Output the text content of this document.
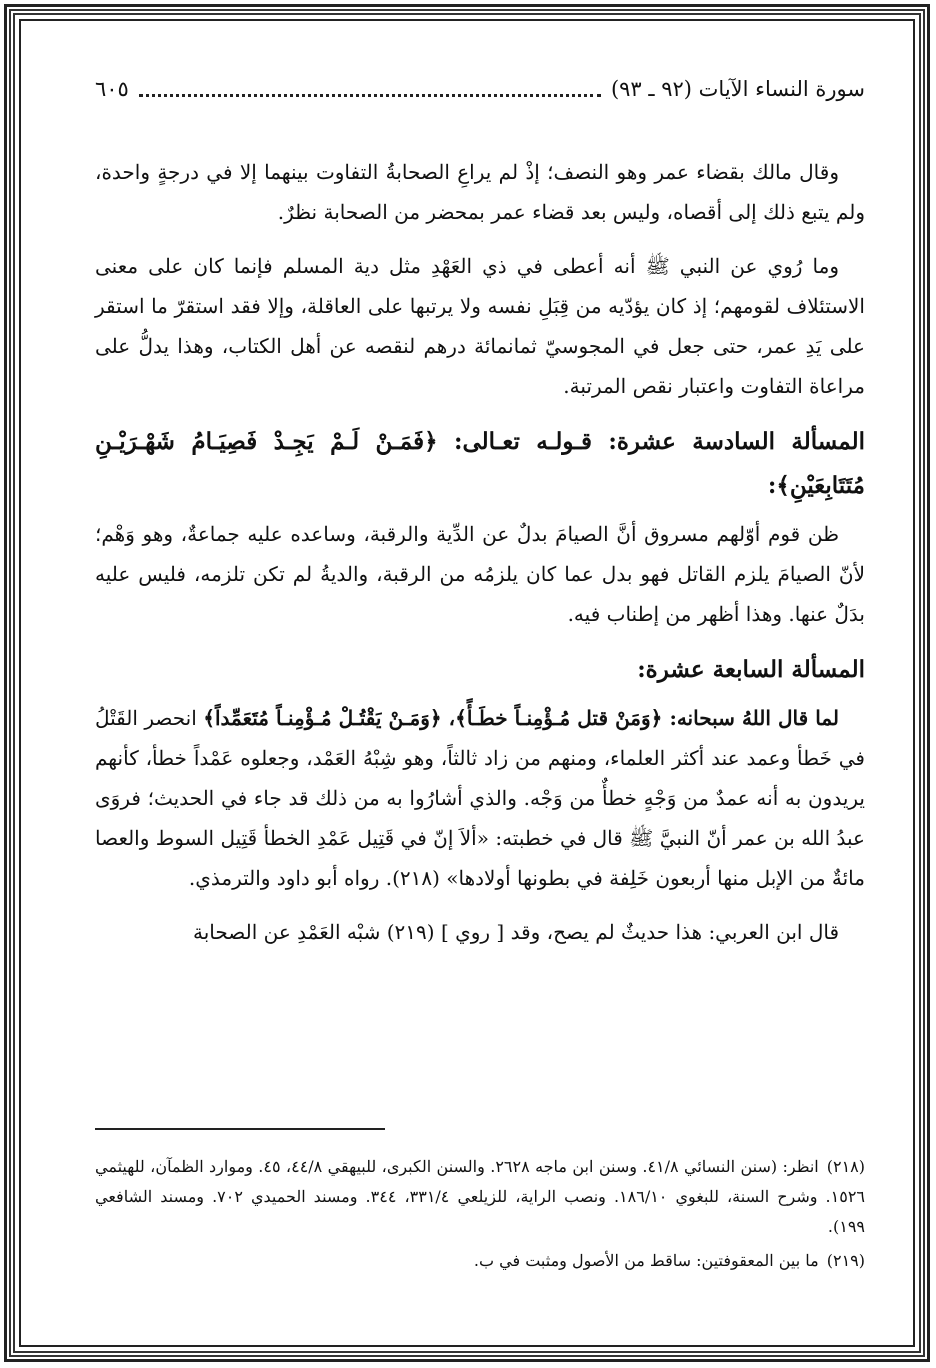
سورة النساء الآيات (٩٢ ـ ٩٣)
٦٠٥

وقال مالك بقضاء عمر وهو النصف؛ إذْ لم يراعِ الصحابةُ التفاوت بينهما إلا في درجةٍ واحدة، ولم يتبع ذلك إلى أقصاه، وليس بعد قضاء عمر بمحضر من الصحابة نظرٌ.

وما رُوي عن النبي ﷺ أنه أعطى في ذي العَهْدِ مثل دية المسلم فإنما كان على معنى الاستئلاف لقومهم؛ إذ كان يؤدّيه من قِبَلِ نفسه ولا يرتبها على العاقلة، وإلا فقد استقرّ ما استقر على يَدِ عمر، حتى جعل في المجوسيّ ثمانمائة درهم لنقصه عن أهل الكتاب، وهذا يدلُّ على مراعاة التفاوت واعتبار نقص المرتبة.

المسألة السادسة عشرة: قـولـه تعـالى: ﴿فَمَـنْ لَـمْ يَجِـدْ فَصِيَـامُ شَهْـرَيْـنِ مُتَتَابِعَيْنِ﴾:

ظن قوم أوّلهم مسروق أنَّ الصيامَ بدلٌ عن الدِّية والرقبة، وساعده عليه جماعةٌ، وهو وَهْم؛ لأنّ الصيامَ يلزم القاتل فهو بدل عما كان يلزمُه من الرقبة، والديةُ لم تكن تلزمه، فليس عليه بدَلٌ عنها. وهذا أظهر من إطناب فيه.

المسألة السابعة عشرة:

لما قال اللهُ سبحانه: ﴿وَمَنْ قتل مُـؤْمِنـاً خطَـأً﴾، ﴿وَمَـنْ يَقْتُـلْ مُـؤْمِنـاً مُتَعَمِّداً﴾ انحصر القَتْلُ في خَطأ وعمد عند أكثر العلماء، ومنهم من زاد ثالثاً، وهو شِبْهُ العَمْد، وجعلوه عَمْداً خطأ، كأنهم يريدون به أنه عمدٌ من وَجْهٍ خطأٌ من وَجْه. والذي أشارُوا به من ذلك قد جاء في الحديث؛ فروَى عبدُ الله بن عمر أنّ النبيَّ ﷺ قال في خطبته: «ألاَ إنّ في قَتِيل عَمْدِ الخطأ قَتِيل السوط والعصا مائةٌ من الإبل منها أربعون خَلِفة في بطونها أولادها» (٢١٨). رواه أبو داود والترمذي.

قال ابن العربي: هذا حديثٌ لم يصح، وقد [ روي ] (٢١٩) شبْه العَمْدِ عن الصحابة

(٢١٨)انظر: (سنن النسائي ٤١/٨. وسنن ابن ماجه ٢٦٢٨. والسنن الكبرى، للبيهقي ٤٤/٨، ٤٥. وموارد الظمآن، للهيثمي ١٥٢٦. وشرح السنة، للبغوي ١٨٦/١٠. ونصب الراية، للزيلعي ٣٣١/٤، ٣٤٤. ومسند الحميدي ٧٠٢. ومسند الشافعي ١٩٩).

(٢١٩)ما بين المعقوفتين: ساقط من الأصول ومثبت في ب.
